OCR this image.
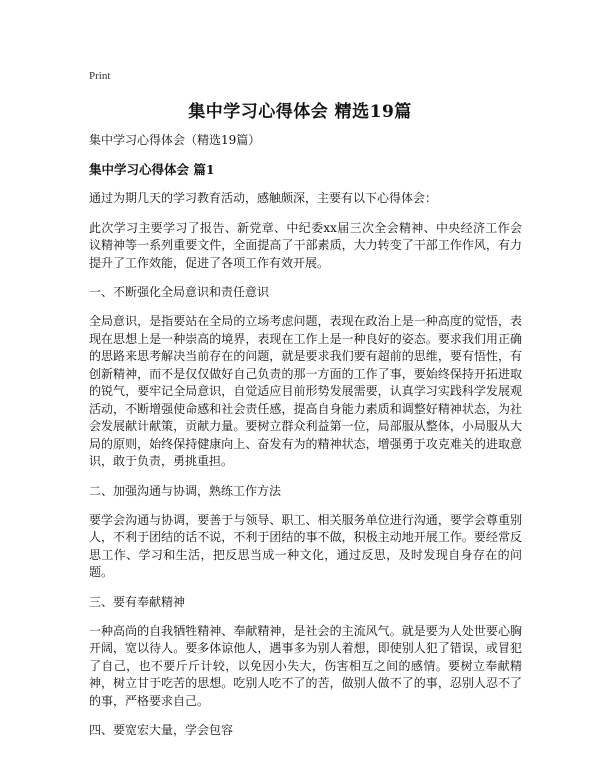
Print
集中学习心得体会 精选19篇
集中学习心得体会（精选19篇）
集中学习心得体会 篇1
通过为期几天的学习教育活动，感触颇深，主要有以下心得体会：
此次学习主要学习了报告、新党章、中纪委xx届三次全会精神、中央经济工作会议精神等一系列重要文件，全面提高了干部素质，大力转变了干部工作作风，有力提升了工作效能，促进了各项工作有效开展。
一、不断强化全局意识和责任意识
全局意识，是指要站在全局的立场考虑问题，表现在政治上是一种高度的觉悟，表现在思想上是一种崇高的境界，表现在工作上是一种良好的姿态。要求我们用正确的思路来思考解决当前存在的问题，就是要求我们要有超前的思维，要有悟性，有创新精神，而不是仅仅做好自己负责的那一方面的工作了事，要始终保持开拓进取的锐气，要牢记全局意识，自觉适应目前形势发展需要，认真学习实践科学发展观活动，不断增强使命感和社会责任感，提高自身能力素质和调整好精神状态，为社会发展献计献策，贡献力量。要树立群众利益第一位，局部服从整体，小局服从大局的原则，始终保持健康向上、奋发有为的精神状态，增强勇于攻克难关的进取意识，敢于负责，勇挑重担。
二、加强沟通与协调，熟练工作方法
要学会沟通与协调，要善于与领导、职工、相关服务单位进行沟通，要学会尊重别人，不利于团结的话不说，不利于团结的事不做，积极主动地开展工作。要经常反思工作、学习和生活，把反思当成一种文化，通过反思，及时发现自身存在的问题。
三、要有奉献精神
一种高尚的自我牺牲精神、奉献精神，是社会的主流风气。就是要为人处世要心胸开阔，宽以待人。要多体谅他人，遇事多为别人着想，即使别人犯了错误，或冒犯了自己，也不要斤斤计较，以免因小失大，伤害相互之间的感情。要树立奉献精神，树立甘于吃苦的思想。吃别人吃不了的苦，做别人做不了的事，忍别人忍不了的事，严格要求自己。
四、要宽宏大量，学会包容
